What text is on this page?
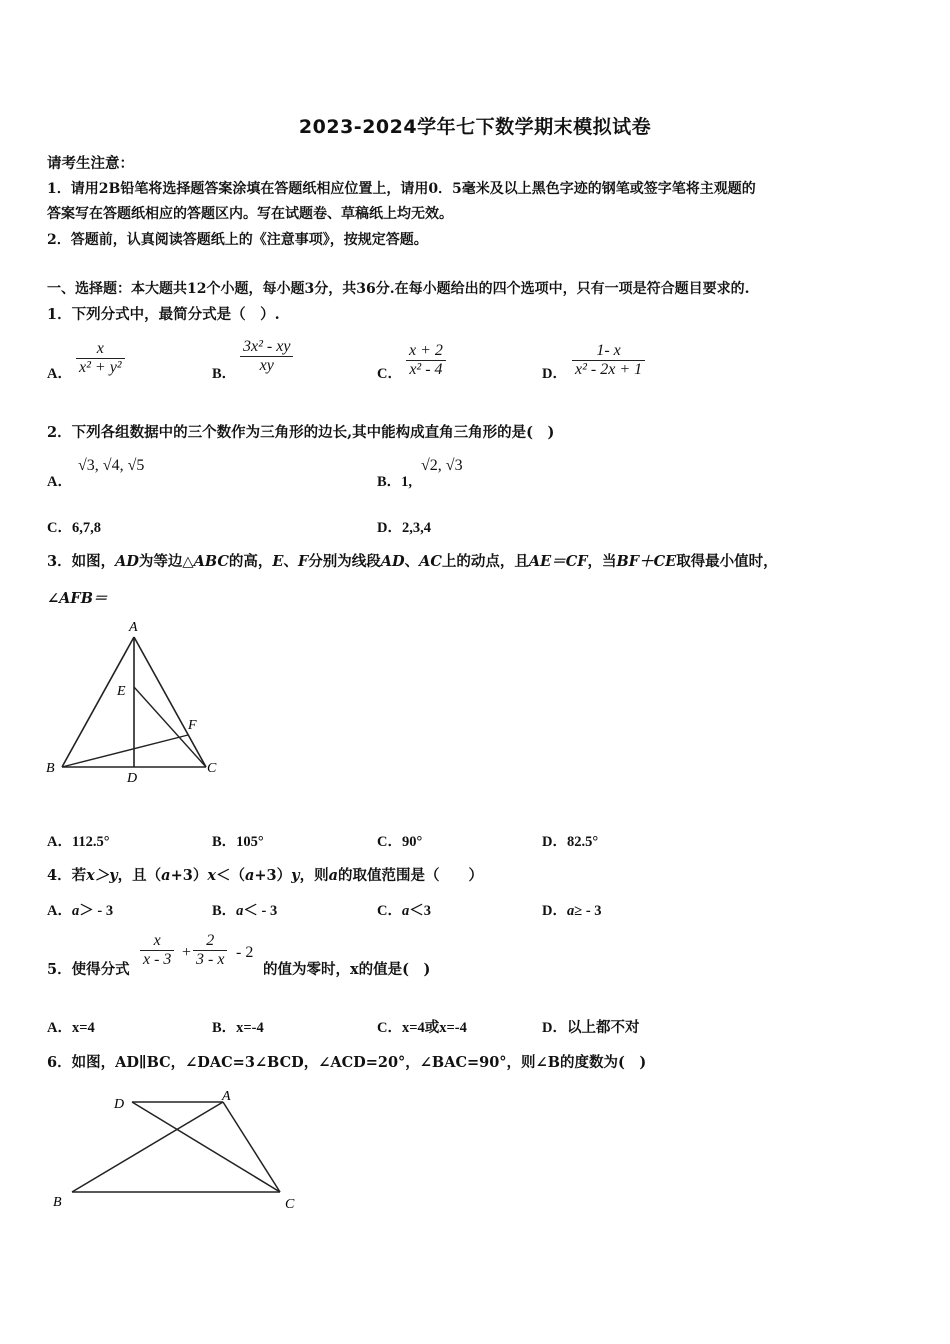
2023-2024学年七下数学期末模拟试卷
请考生注意：
1．请用2B铅笔将选择题答案涂填在答题纸相应位置上，请用0．5毫米及以上黑色字迹的钢笔或签字笔将主观题的
答案写在答题纸相应的答题区内。写在试题卷、草稿纸上均无效。
2．答题前，认真阅读答题纸上的《注意事项》，按规定答题。
一、选择题：本大题共12个小题，每小题3分，共36分.在每小题给出的四个选项中，只有一项是符合题目要求的.
1．下列分式中，最简分式是（　）.
A． $\frac{x}{\text{x² + y²}}$	B． $\frac{\text{3x² - xy}}{xy}$	C． $\frac{x + 2}{\text{x² - 4}}$	D． $\frac{1- x}{\text{x² - 2x + 1}}$
2．下列各组数据中的三个数作为三角形的边长,其中能构成直角三角形的是(　)
A．
√3, √4, √5
B．1,
√2, √3
C．6,7,8	D．2,3,4
3．如图，AD为等边△ABC的高，E、F分别为线段AD、AC上的动点，且AE＝CF，当BF＋CE取得最小值时，
∠AFB＝
A
B	C
D
E
F
A．112.5°	B．105°	C．90°	D．82.5°
4．若x＞y，且（a+3）x＜（a+3）y，则a的取值范围是（　　）
A．a＞ - 3	B．a＜ - 3	C．a＜3	D．a≥ - 3
5．使得分式
$\frac{x}{x - 3} + \frac{2}{3 - x} - 2$
的值为零时，x的值是(　)
A．x=4	B．x=-4	C．x=4或x=-4	D．以上都不对
6．如图，AD∥BC，∠DAC=3∠BCD，∠ACD=20°，∠BAC=90°，则∠B的度数为(　)
D
A
B	C
